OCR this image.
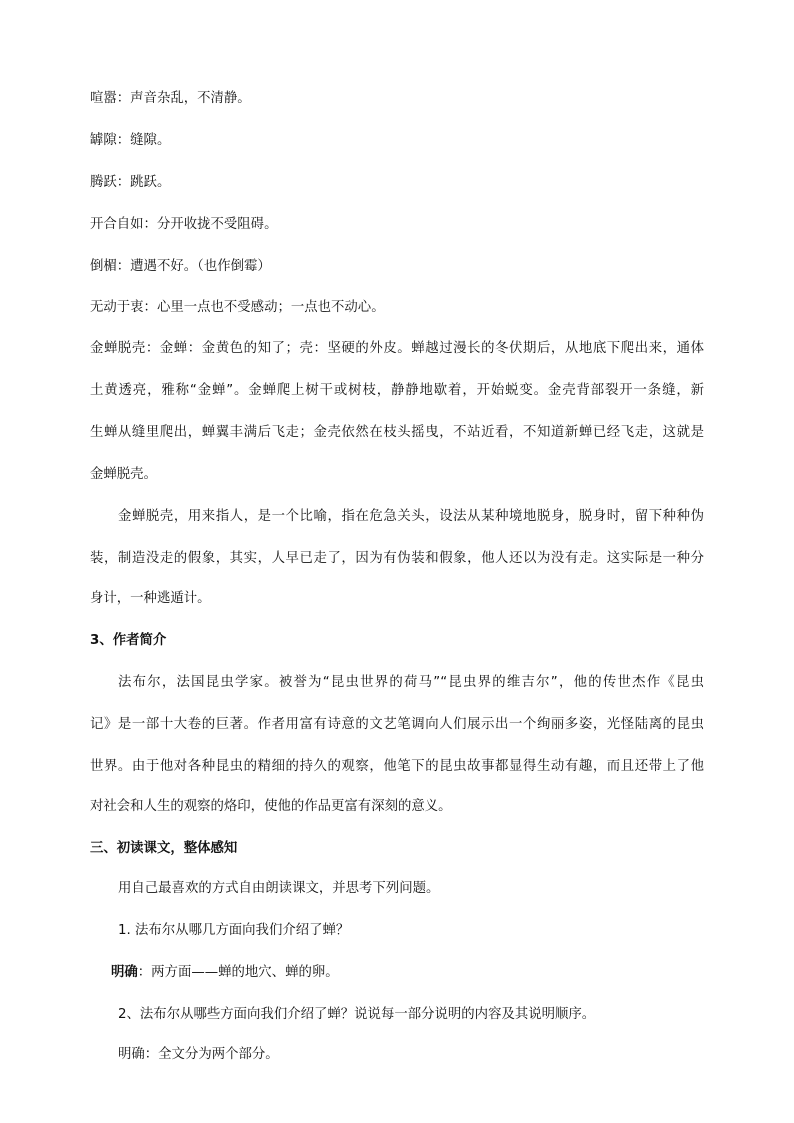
喧嚣：声音杂乱，不清静。

罅隙：缝隙。

腾跃：跳跃。

开合自如：分开收拢不受阻碍。

倒楣：遭遇不好。（也作倒霉）

无动于衷：心里一点也不受感动；一点也不动心。

金蝉脱壳：金蝉：金黄色的知了；壳：坚硬的外皮。蝉越过漫长的冬伏期后，从地底下爬出来，通体

土黄透亮，雅称“金蝉”。金蝉爬上树干或树枝，静静地歇着，开始蜕变。金壳背部裂开一条缝，新

生蝉从缝里爬出，蝉翼丰满后飞走；金壳依然在枝头摇曳，不站近看，不知道新蝉已经飞走，这就是

金蝉脱壳。

金蝉脱壳，用来指人，是一个比喻，指在危急关头，设法从某种境地脱身，脱身时，留下种种伪

装，制造没走的假象，其实，人早已走了，因为有伪装和假象，他人还以为没有走。这实际是一种分

身计，一种逃遁计。

3、作者简介

法布尔，法国昆虫学家。被誉为“昆虫世界的荷马”“昆虫界的维吉尔”，他的传世杰作《昆虫

记》是一部十大卷的巨著。作者用富有诗意的文艺笔调向人们展示出一个绚丽多姿，光怪陆离的昆虫

世界。由于他对各种昆虫的精细的持久的观察，他笔下的昆虫故事都显得生动有趣，而且还带上了他

对社会和人生的观察的烙印，使他的作品更富有深刻的意义。

三、初读课文，整体感知

用自己最喜欢的方式自由朗读课文，并思考下列问题。

1. 法布尔从哪几方面向我们介绍了蝉？

明确：两方面——蝉的地穴、蝉的卵。

2、法布尔从哪些方面向我们介绍了蝉？说说每一部分说明的内容及其说明顺序。

明确：全文分为两个部分。
